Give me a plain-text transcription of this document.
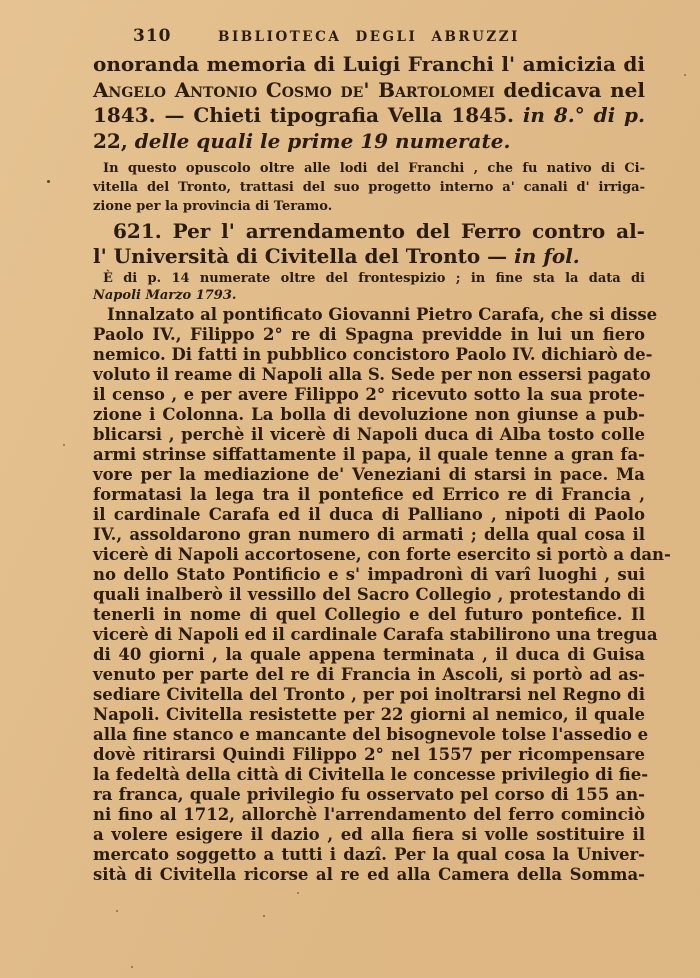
310	BIBLIOTECA DEGLI ABRUZZI
onoranda memoria di Luigi Franchi l' amicizia di
Angelo Antonio Cosmo de' Bartolomei dedicava nel
1843. — Chieti tipografia Vella 1845. in 8.° di p.
22, delle quali le prime 19 numerate.
In questo opuscolo oltre alle lodi del Franchi , che fu nativo di Ci-
vitella del Tronto, trattasi del suo progetto interno a' canali d' irriga-
zione per la provincia di Teramo.
621. Per l' arrendamento del Ferro contro al-
l' Università di Civitella del Tronto — in fol.
È di p. 14 numerate oltre del frontespizio ; in fine sta la data di
Napoli Marzo 1793.
Innalzato al pontificato Giovanni Pietro Carafa, che si disse
Paolo IV., Filippo 2° re di Spagna previdde in lui un fiero
nemico. Di fatti in pubblico concistoro Paolo IV. dichiarò de-
voluto il reame di Napoli alla S. Sede per non essersi pagato
il censo , e per avere Filippo 2° ricevuto sotto la sua prote-
zione i Colonna. La bolla di devoluzione non giunse a pub-
blicarsi , perchè il vicerè di Napoli duca di Alba tosto colle
armi strinse siffattamente il papa, il quale tenne a gran fa-
vore per la mediazione de' Veneziani di starsi in pace. Ma
formatasi la lega tra il pontefice ed Errico re di Francia ,
il cardinale Carafa ed il duca di Palliano , nipoti di Paolo
IV., assoldarono gran numero di armati ; della qual cosa il
vicerè di Napoli accortosene, con forte esercito si portò a dan-
no dello Stato Pontificio e s' impadronì di varî luoghi , sui
quali inalberò il vessillo del Sacro Collegio , protestando di
tenerli in nome di quel Collegio e del futuro pontefice. Il
vicerè di Napoli ed il cardinale Carafa stabilirono una tregua
di 40 giorni , la quale appena terminata , il duca di Guisa
venuto per parte del re di Francia in Ascoli, si portò ad as-
sediare Civitella del Tronto , per poi inoltrarsi nel Regno di
Napoli. Civitella resistette per 22 giorni al nemico, il quale
alla fine stanco e mancante del bisognevole tolse l'assedio e
dovè ritirarsi Quindi Filippo 2° nel 1557 per ricompensare
la fedeltà della città di Civitella le concesse privilegio di fie-
ra franca, quale privilegio fu osservato pel corso di 155 an-
ni fino al 1712, allorchè l'arrendamento del ferro cominciò
a volere esigere il dazio , ed alla fiera si volle sostituire il
mercato soggetto a tutti i dazî. Per la qual cosa la Univer-
sità di Civitella ricorse al re ed alla Camera della Somma-
